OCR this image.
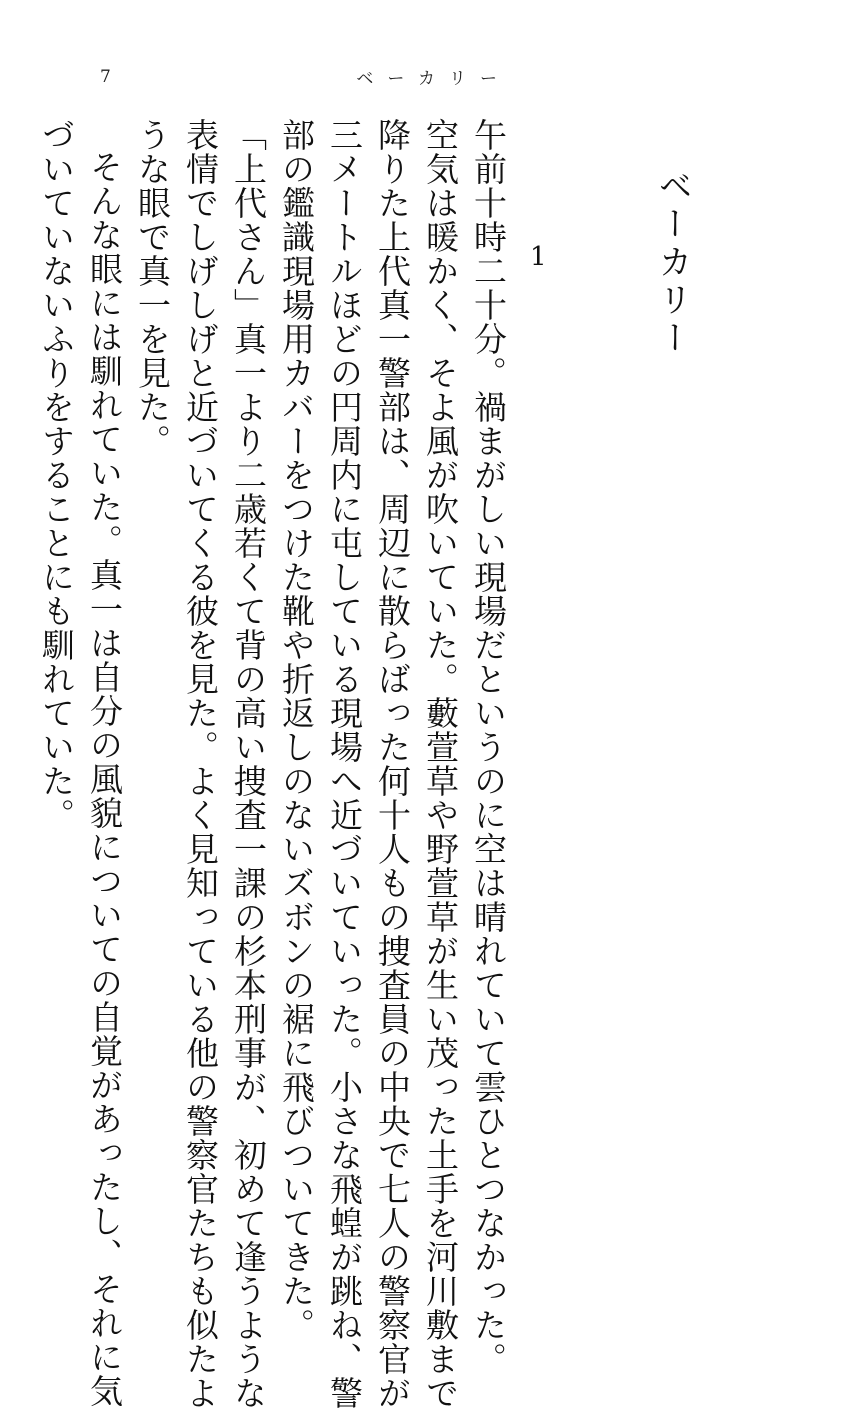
7	ベーカリー
ベーカリー
1
午前十時二十分。禍まがしい現場だというのに空は晴れていて雲ひとつなかった。
空気は暖かく、そよ風が吹いていた。藪萱草や野萱草が生い茂った土手を河川敷まで
降りた上代真一警部は、周辺に散らばった何十人もの捜査員の中央で七人の警察官が
三メートルほどの円周内に屯している現場へ近づいていった。小さな飛蝗が跳ね、警
部の鑑識現場用カバーをつけた靴や折返しのないズボンの裾に飛びついてきた。
「上代さん」真一より二歳若くて背の高い捜査一課の杉本刑事が、初めて逢うような
表情でしげしげと近づいてくる彼を見た。よく見知っている他の警察官たちも似たよ
うな眼で真一を見た。
そんな眼には馴れていた。真一は自分の風貌についての自覚があったし、それに気
づいていないふりをすることにも馴れていた。
